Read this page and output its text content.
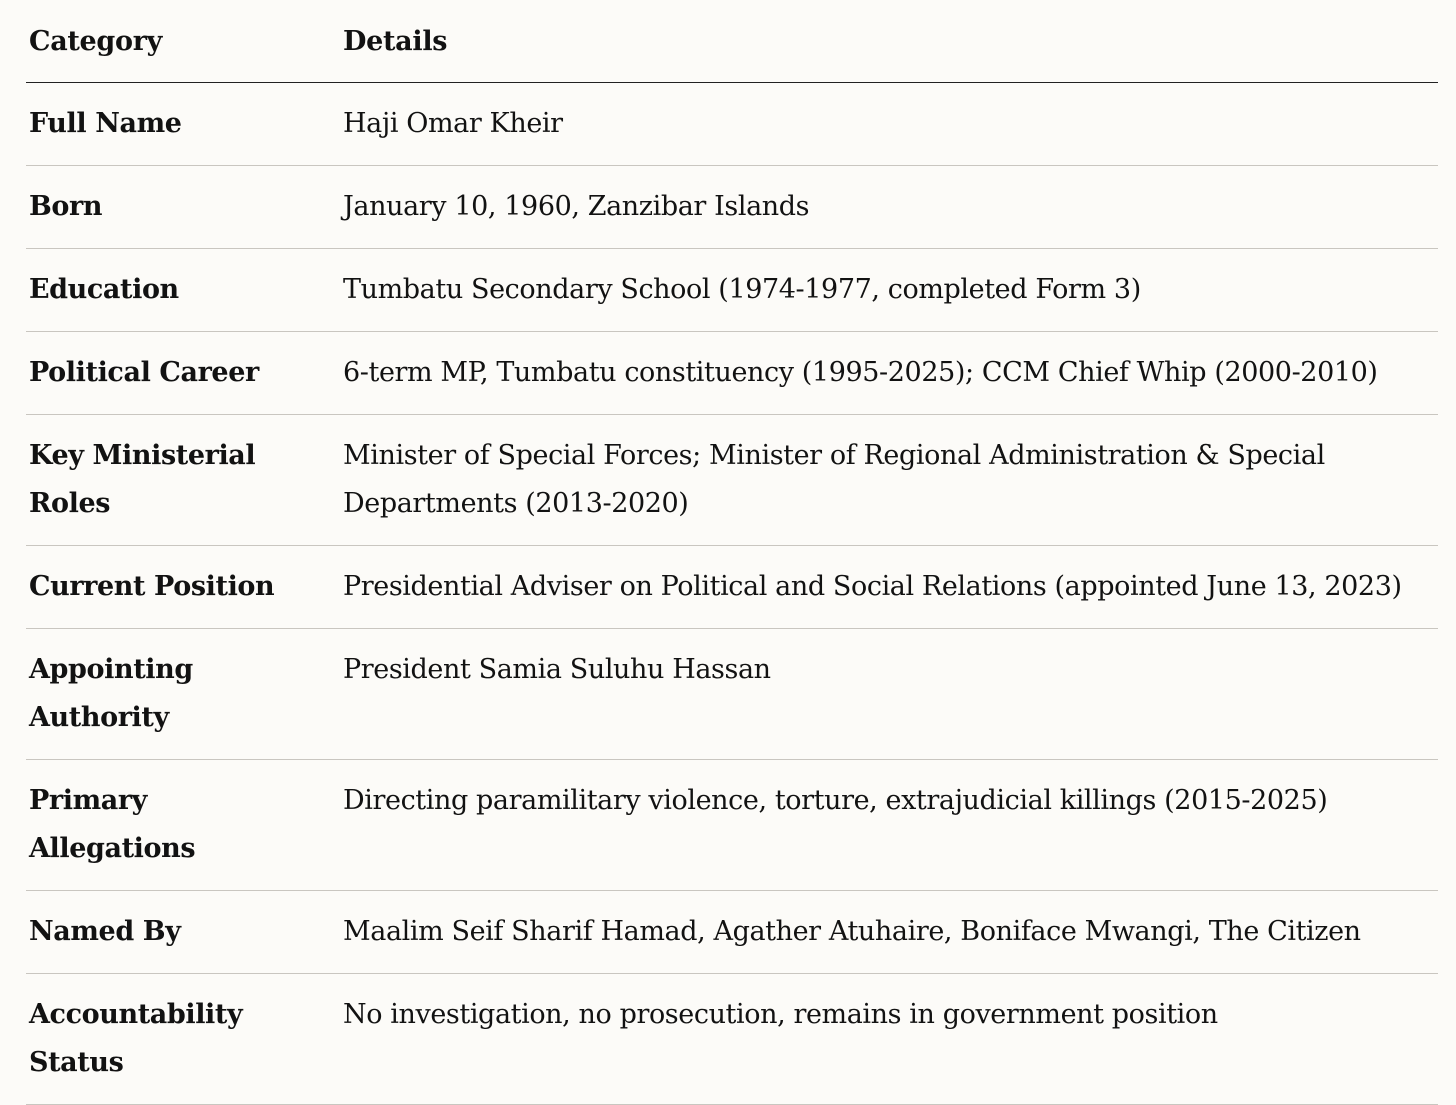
Category	Details
Full Name	Haji Omar Kheir
Born	January 10, 1960, Zanzibar Islands
Education	Tumbatu Secondary School (1974-1977, completed Form 3)
Political Career	6-term MP, Tumbatu constituency (1995-2025); CCM Chief Whip (2000-2010)
Key Ministerial Roles	Minister of Special Forces; Minister of Regional Administration & Special Departments (2013-2020)
Current Position	Presidential Adviser on Political and Social Relations (appointed June 13, 2023)
Appointing Authority	President Samia Suluhu Hassan
Primary Allegations	Directing paramilitary violence, torture, extrajudicial killings (2015-2025)
Named By	Maalim Seif Sharif Hamad, Agather Atuhaire, Boniface Mwangi, The Citizen
Accountability Status	No investigation, no prosecution, remains in government position
